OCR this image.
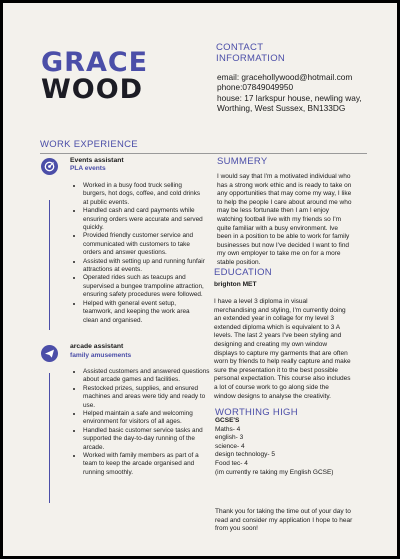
GRACE
WOOD
CONTACT
INFORMATION
email: gracehollywood@hotmail.com
phone:07849049950
house: 17 larkspur house, newling way,
Worthing, West Sussex, BN133DG
WORK EXPERIENCE
Events assistant
PLA events
• Worked in a busy food truck selling burgers, hot dogs, coffee, and cold drinks at public events.
• Handled cash and card payments while ensuring orders were accurate and served quickly.
• Provided friendly customer service and communicated with customers to take orders and answer questions.
• Assisted with setting up and running funfair attractions at events.
• Operated rides such as teacups and supervised a bungee trampoline attraction, ensuring safety procedures were followed.
• Helped with general event setup, teamwork, and keeping the work area clean and organised.
arcade assistant
family amusements
• Assisted customers and answered questions about arcade games and facilities.
• Restocked prizes, supplies, and ensured machines and areas were tidy and ready to use.
• Helped maintain a safe and welcoming environment for visitors of all ages.
• Handled basic customer service tasks and supported the day-to-day running of the arcade.
• Worked with family members as part of a team to keep the arcade organised and running smoothly.
SUMMERY
I would say that I'm a motivated individual who has a strong work ethic and is ready to take on any opportunities that may come my way, I like to help the people I care about around me who may be less fortunate then I am I enjoy watching football live with my friends so I'm quite familiar with a busy environment. Ive been in a position to be able to work for family businesses but now I've decided I want to find my own employer to take me on for a more stable position.
EDUCATION
brighton MET
I have a level 3 diploma in visual merchandising and styling, I'm currently doing an extended year in collage for my level 3 extended diploma which is equivalent to 3 A levels. The last 2 years I've been styling and designing and creating my own window displays to capture my garments that are often worn by friends to help really capture and make sure the presentation it to the best possible personal expectation. This course also includes a lot of course work to go along side the window designs to analyse the creativity.
WORTHING HIGH
GCSE'S
Maths- 4
english- 3
science- 4
design technology- 5
Food tec- 4
(im currently re taking my English GCSE)
Thank you for taking the time out of your day to read and consider my application I hope to hear from you soon!
